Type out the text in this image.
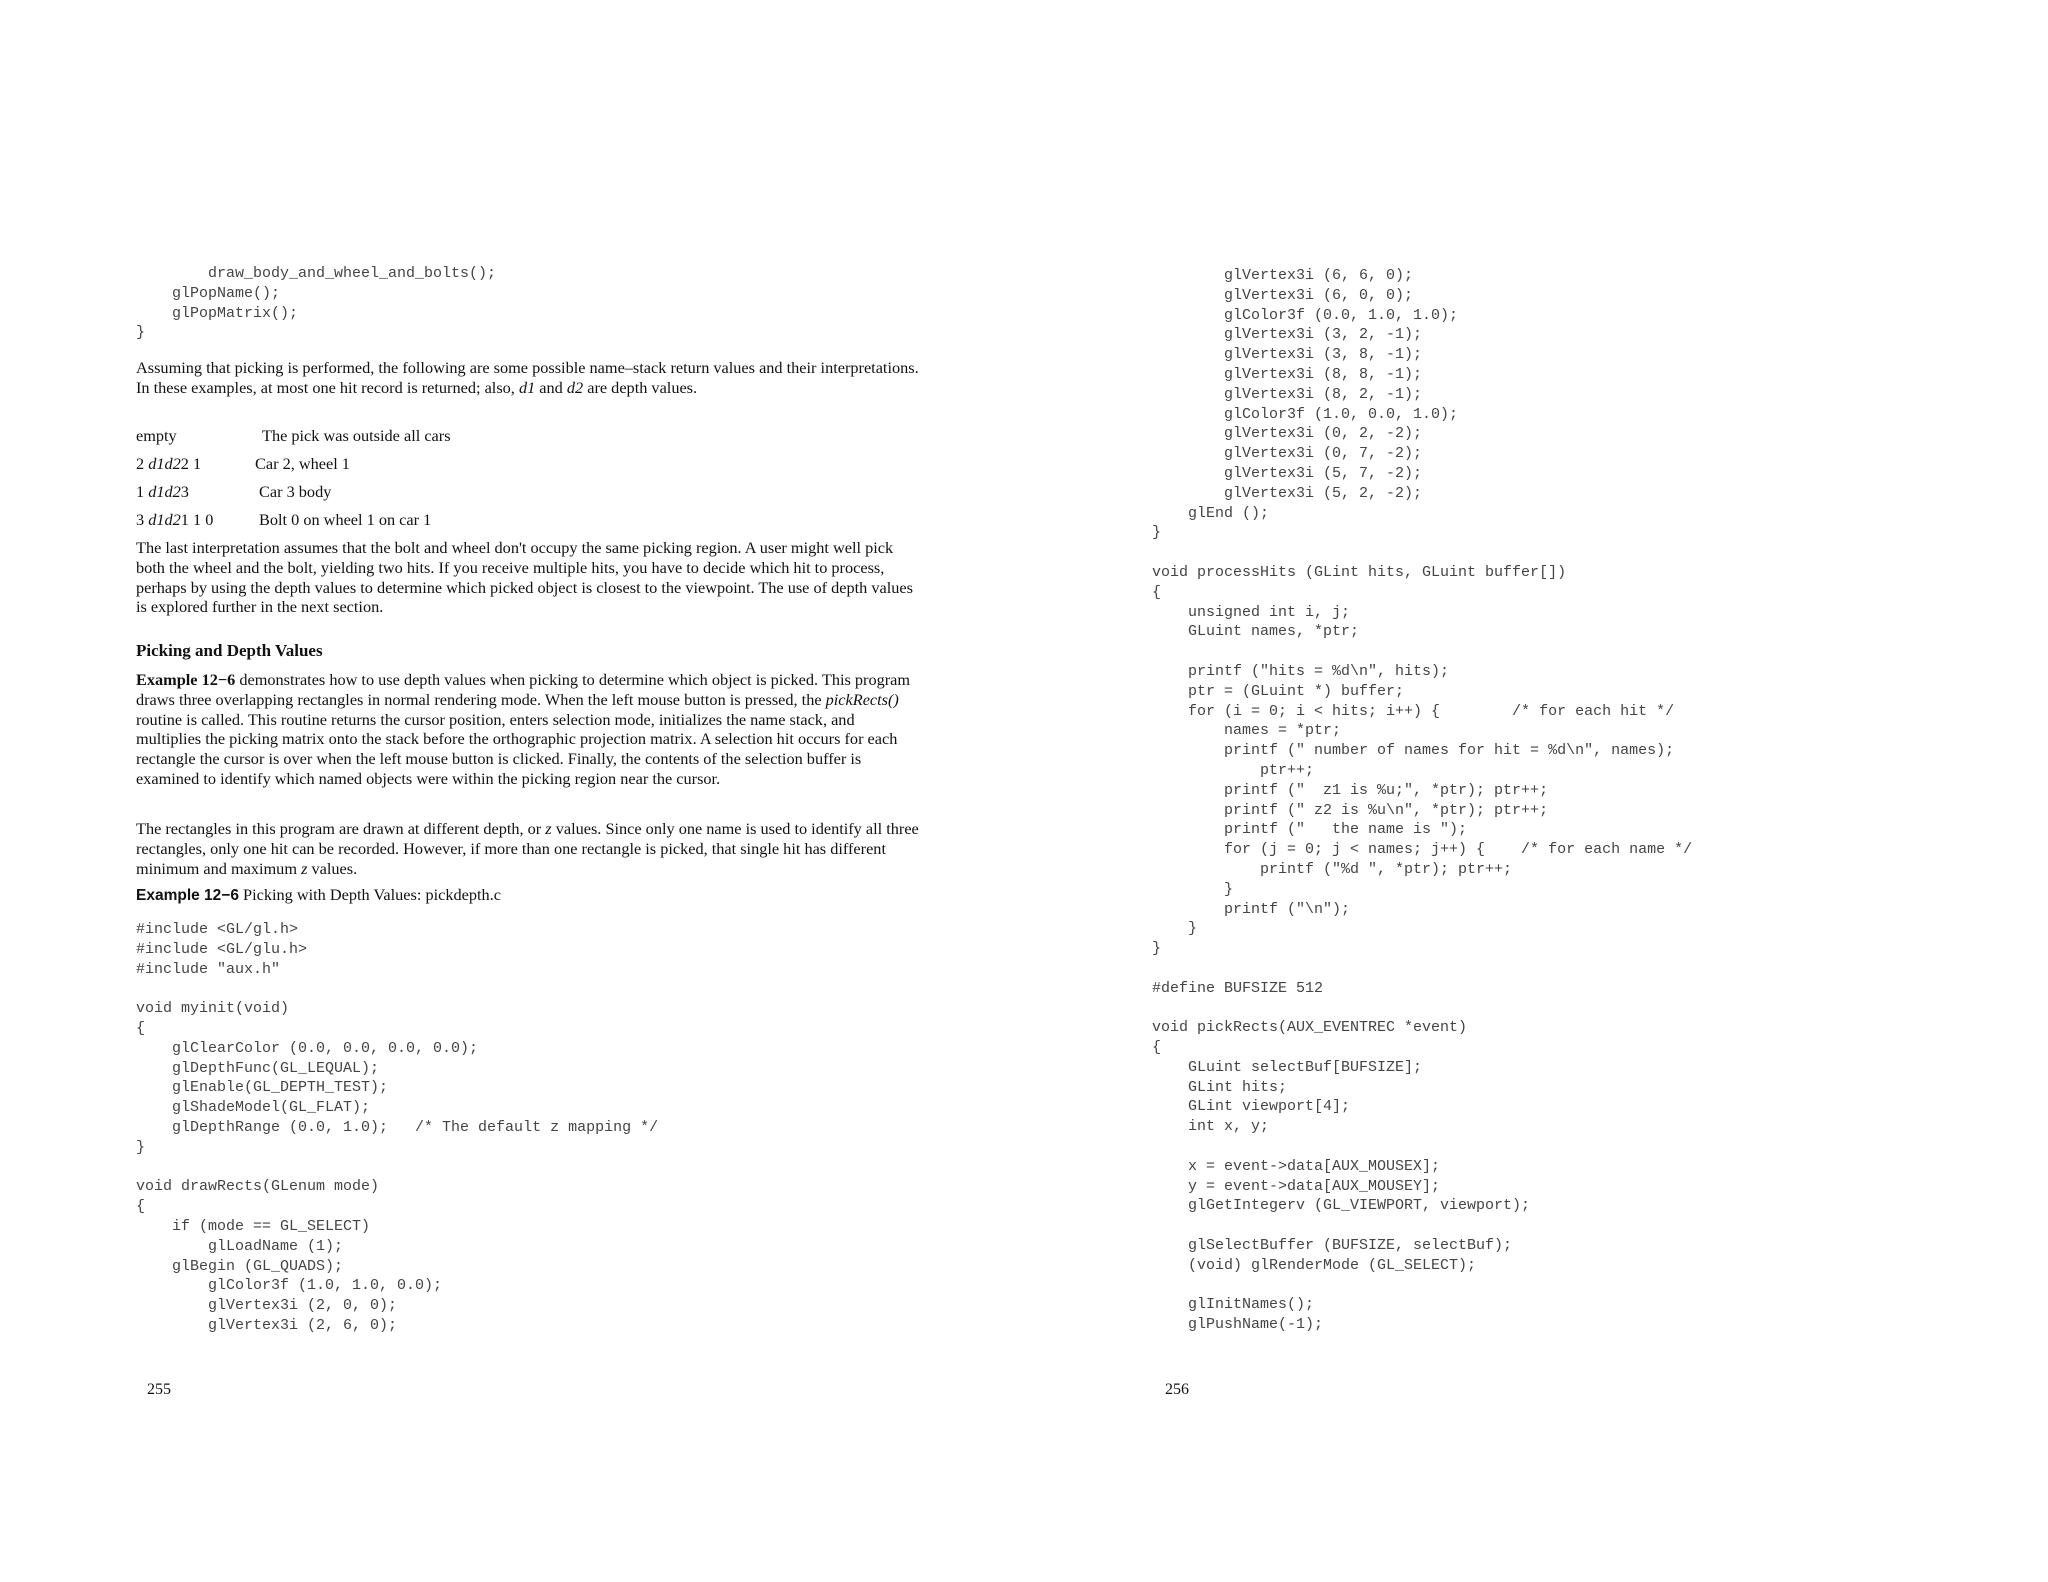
draw_body_and_wheel_and_bolts();
glPopName();
glPopMatrix();
}

Assuming that picking is performed, the following are some possible name–stack return values and their interpretations. In these examples, at most one hit record is returned; also, d1 and d2 are depth values.

empty	The pick was outside all cars
2 d1d22 1	Car 2, wheel 1
1 d1d23	Car 3 body
3 d1d21 1 0	Bolt 0 on wheel 1 on car 1

The last interpretation assumes that the bolt and wheel don't occupy the same picking region. A user might well pick both the wheel and the bolt, yielding two hits. If you receive multiple hits, you have to decide which hit to process, perhaps by using the depth values to determine which picked object is closest to the viewpoint. The use of depth values is explored further in the next section.

Picking and Depth Values

Example 12−6 demonstrates how to use depth values when picking to determine which object is picked. This program draws three overlapping rectangles in normal rendering mode. When the left mouse button is pressed, the pickRects() routine is called. This routine returns the cursor position, enters selection mode, initializes the name stack, and multiplies the picking matrix onto the stack before the orthographic projection matrix. A selection hit occurs for each rectangle the cursor is over when the left mouse button is clicked. Finally, the contents of the selection buffer is examined to identify which named objects were within the picking region near the cursor.

The rectangles in this program are drawn at different depth, or z values. Since only one name is used to identify all three rectangles, only one hit can be recorded. However, if more than one rectangle is picked, that single hit has different minimum and maximum z values.

Example 12−6 Picking with Depth Values: pickdepth.c
#include <GL/gl.h>
#include <GL/glu.h>
#include "aux.h"

void myinit(void)
{
glClearColor (0.0, 0.0, 0.0, 0.0);
glDepthFunc(GL_LEQUAL);
glEnable(GL_DEPTH_TEST);
glShadeModel(GL_FLAT);
glDepthRange (0.0, 1.0);   /* The default z mapping */
}

void drawRects(GLenum mode)
{
if (mode == GL_SELECT)
glLoadName (1);
glBegin (GL_QUADS);
glColor3f (1.0, 1.0, 0.0);
glVertex3i (2, 0, 0);
glVertex3i (2, 6, 0);
255
glVertex3i (6, 6, 0);
glVertex3i (6, 0, 0);
glColor3f (0.0, 1.0, 1.0);
glVertex3i (3, 2, -1);
glVertex3i (3, 8, -1);
glVertex3i (8, 8, -1);
glVertex3i (8, 2, -1);
glColor3f (1.0, 0.0, 1.0);
glVertex3i (0, 2, -2);
glVertex3i (0, 7, -2);
glVertex3i (5, 7, -2);
glVertex3i (5, 2, -2);
glEnd ();
}

void processHits (GLint hits, GLuint buffer[])
{
unsigned int i, j;
GLuint names, *ptr;

printf ("hits = %d\n", hits);
ptr = (GLuint *) buffer;
for (i = 0; i < hits; i++) {        /* for each hit */
names = *ptr;
printf (" number of names for hit = %d\n", names);
ptr++;
printf ("  z1 is %u;", *ptr); ptr++;
printf (" z2 is %u\n", *ptr); ptr++;
printf ("   the name is ");
for (j = 0; j < names; j++) {    /* for each name */
printf ("%d ", *ptr); ptr++;
}
printf ("\n");
}
}

#define BUFSIZE 512

void pickRects(AUX_EVENTREC *event)
{
GLuint selectBuf[BUFSIZE];
GLint hits;
GLint viewport[4];
int x, y;

x = event->data[AUX_MOUSEX];
y = event->data[AUX_MOUSEY];
glGetIntegerv (GL_VIEWPORT, viewport);

glSelectBuffer (BUFSIZE, selectBuf);
(void) glRenderMode (GL_SELECT);

glInitNames();
glPushName(-1);
256
